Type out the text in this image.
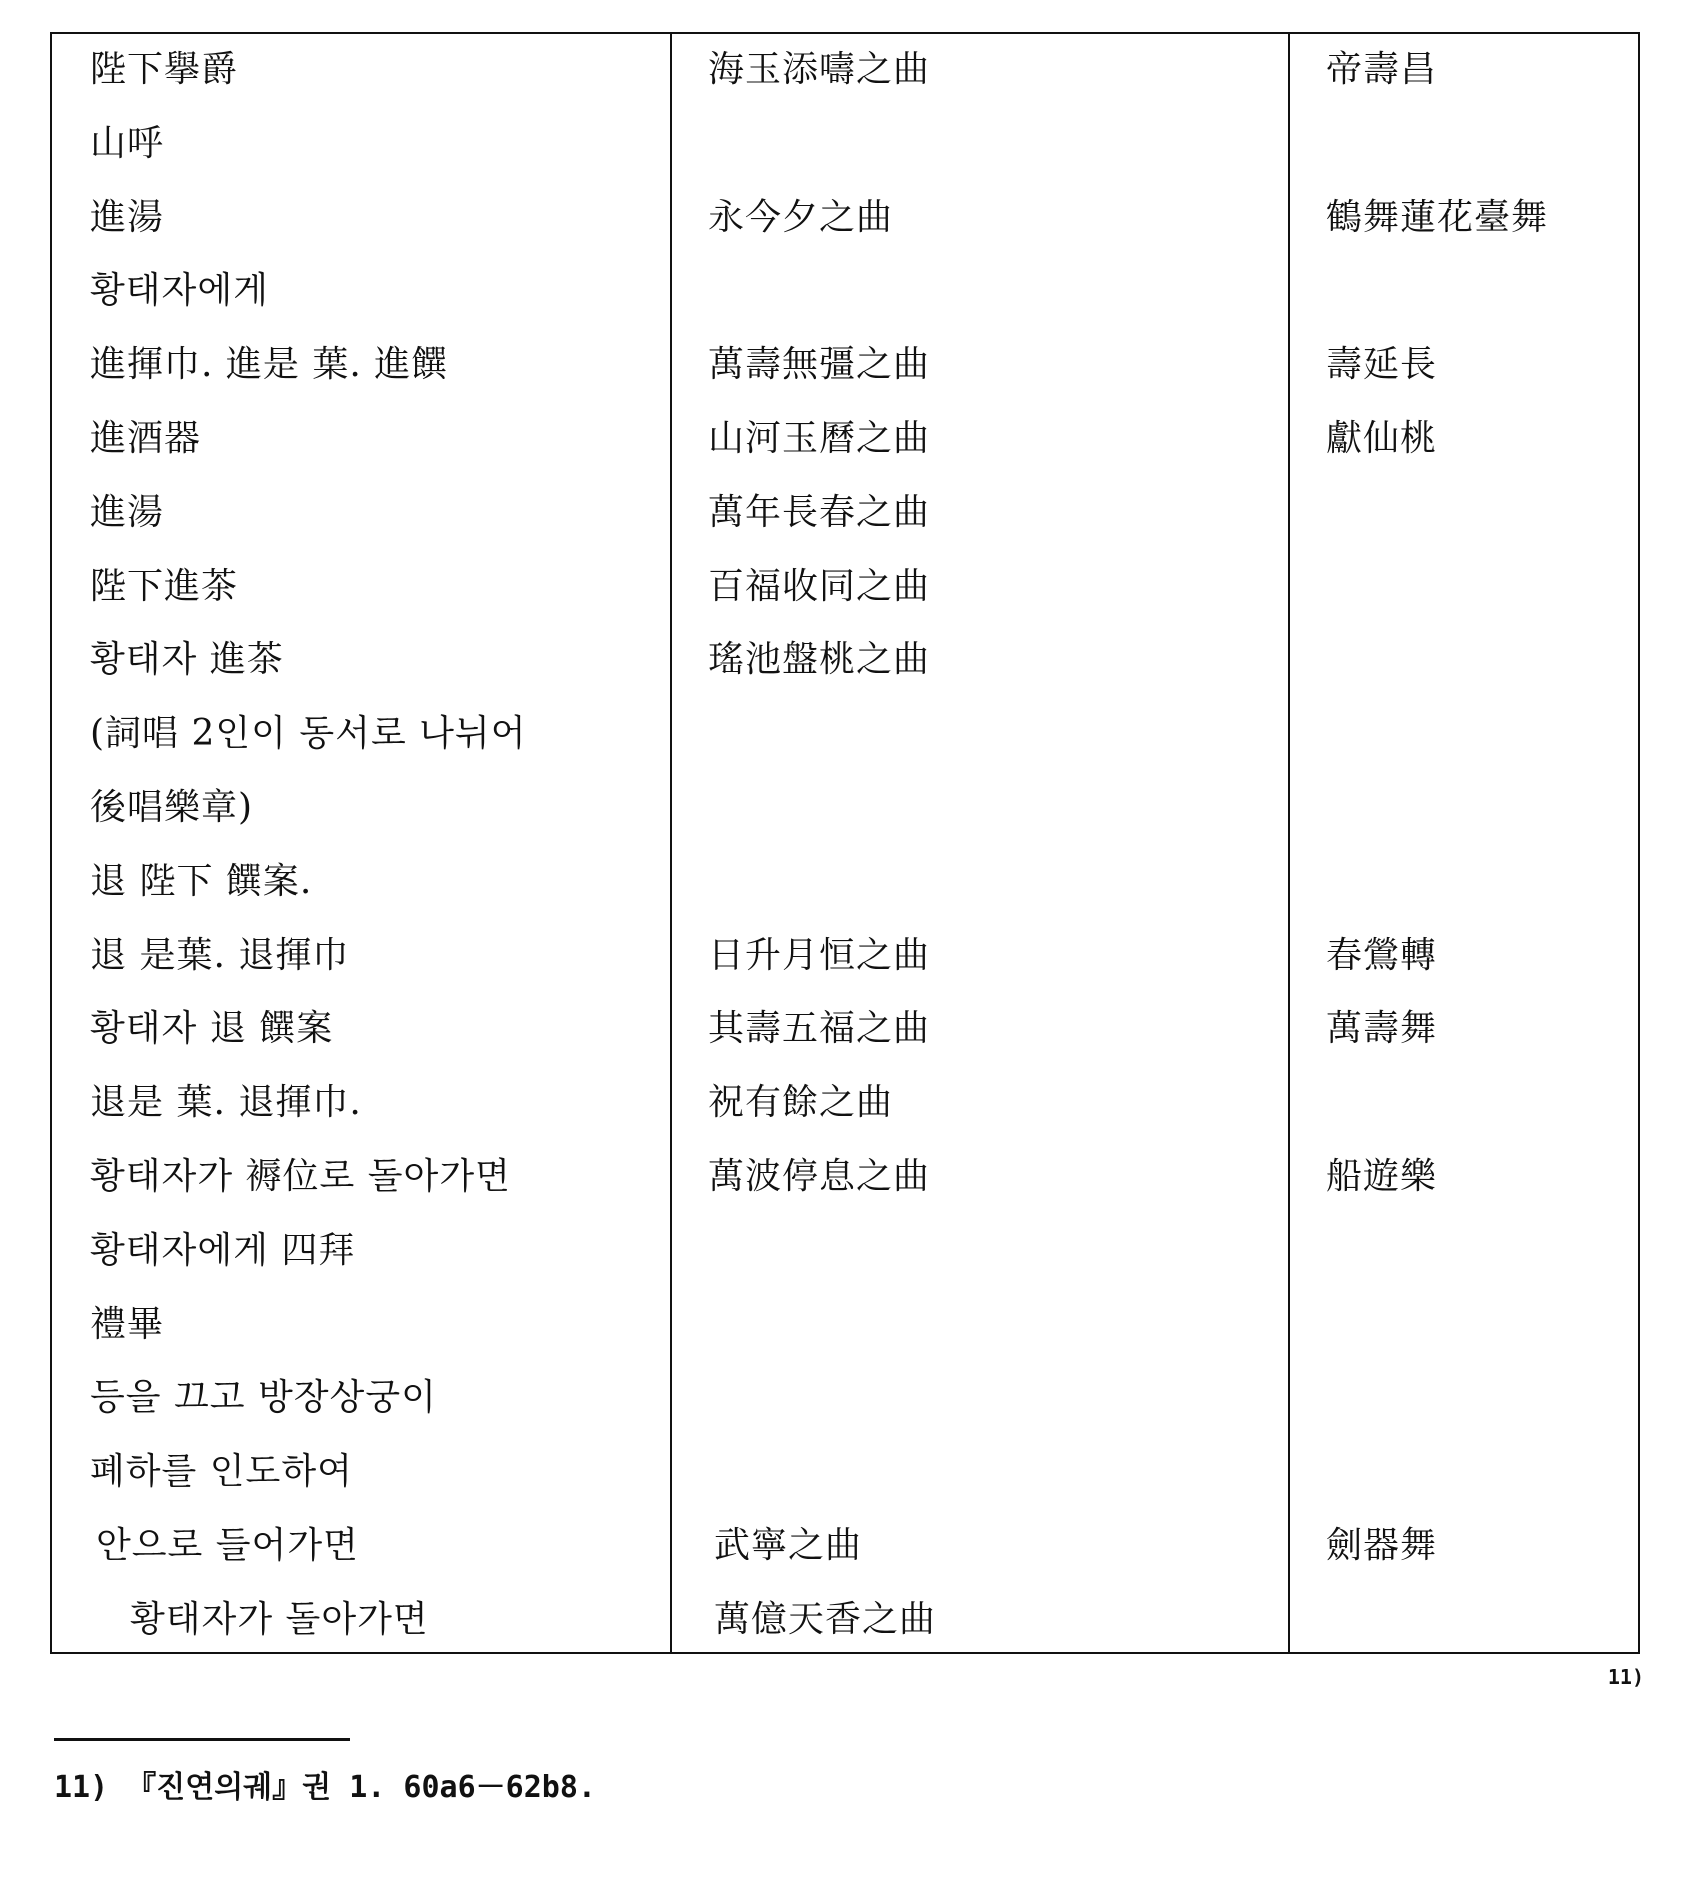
陛下擧爵	海玉添嚋之曲	帝壽昌
山呼
進湯	永今夕之曲	鶴舞蓮花臺舞
황태자에게
進揮巾. 進是 葉. 進饌	萬壽無彊之曲	壽延長
進酒器	山河玉曆之曲	獻仙桃
進湯	萬年長春之曲
陛下進茶	百福收同之曲
황태자 進茶	瑤池盤桃之曲
(詞唱 2인이 동서로 나뉘어
後唱樂章)
退 陛下 饌案.
退 是葉. 退揮巾	日升月恒之曲	春鶯轉
황태자 退 饌案	其壽五福之曲	萬壽舞
退是 葉. 退揮巾.	祝有餘之曲
황태자가 褥位로 돌아가면	萬波停息之曲	船遊樂
황태자에게 四拜
禮畢
등을 끄고 방장상궁이
폐하를 인도하여
안으로 들어가면	武寧之曲	劍器舞
황태자가 돌아가면	萬億天香之曲
11)
11) 『진연의궤』권 1. 60a6－62b8.
